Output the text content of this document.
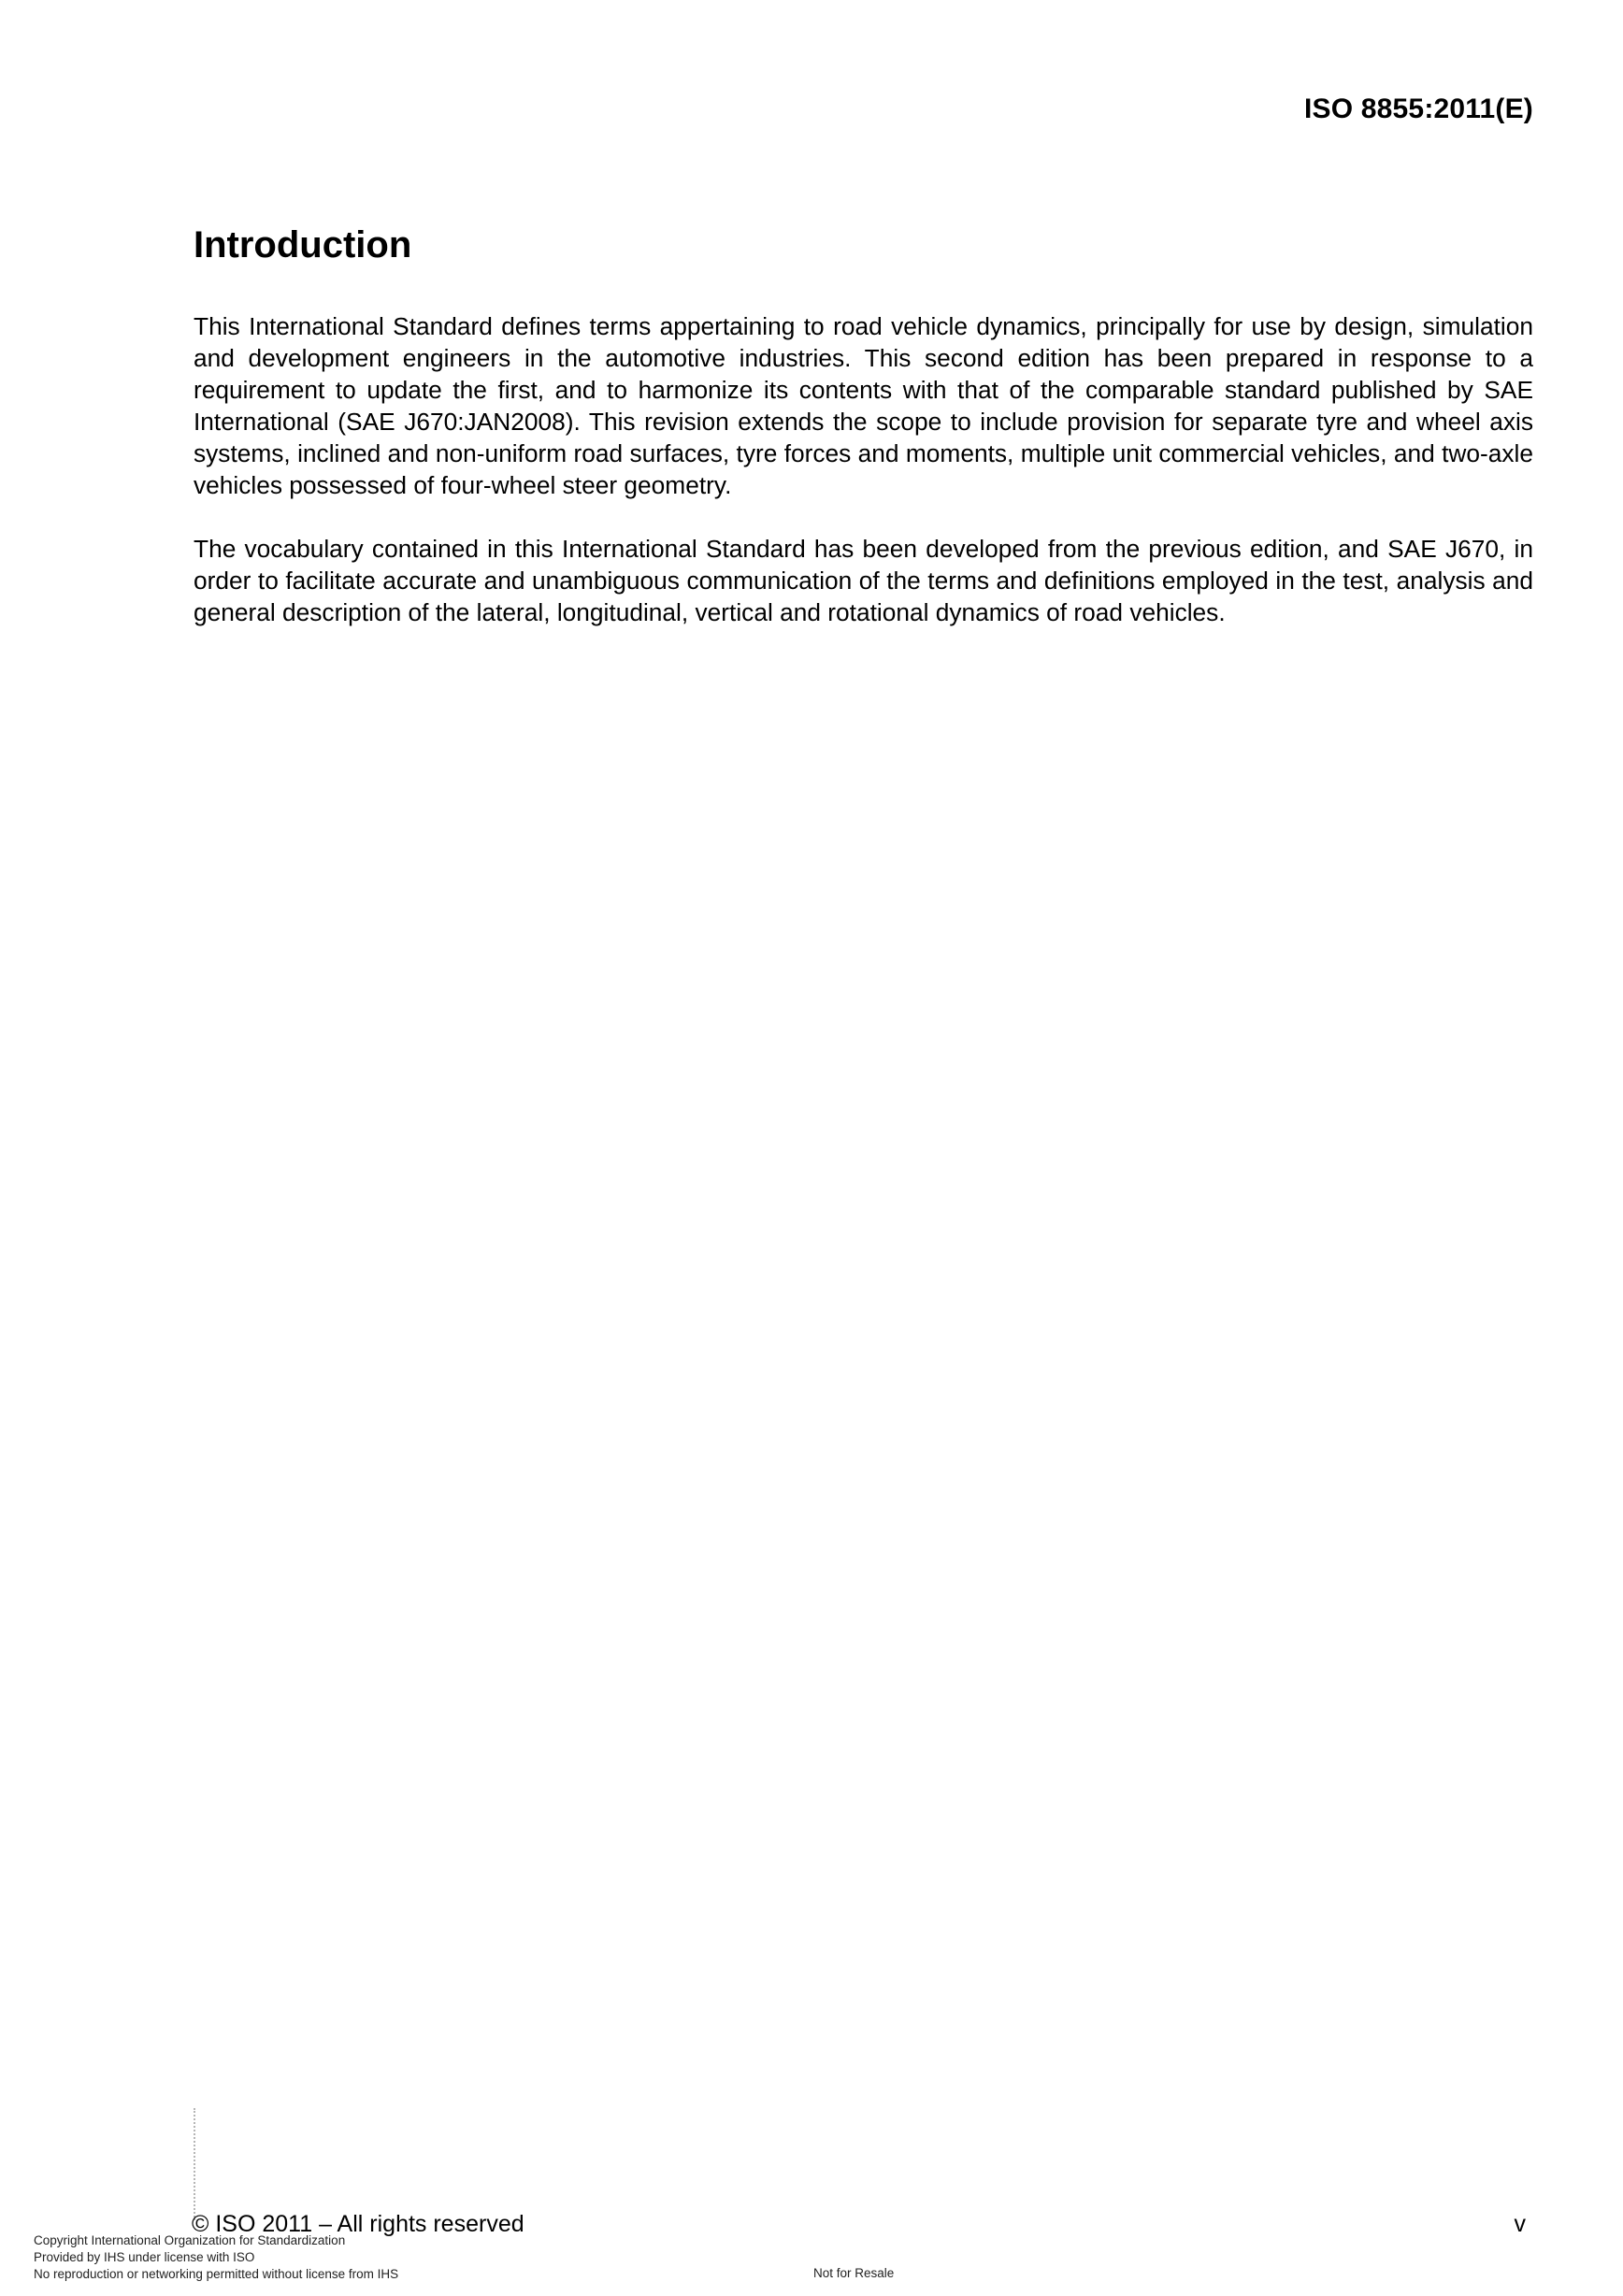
ISO 8855:2011(E)
Introduction

This International Standard defines terms appertaining to road vehicle dynamics, principally for use by design, simulation and development engineers in the automotive industries. This second edition has been prepared in response to a requirement to update the first, and to harmonize its contents with that of the comparable standard published by SAE International (SAE J670:JAN2008). This revision extends the scope to include provision for separate tyre and wheel axis systems, inclined and non-uniform road surfaces, tyre forces and moments, multiple unit commercial vehicles, and two-axle vehicles possessed of four-wheel steer geometry.

The vocabulary contained in this International Standard has been developed from the previous edition, and SAE J670, in order to facilitate accurate and unambiguous communication of the terms and definitions employed in the test, analysis and general description of the lateral, longitudinal, vertical and rotational dynamics of road vehicles.

© ISO 2011 – All rights reserved	v
Copyright International Organization for Standardization
Provided by IHS under license with ISO
No reproduction or networking permitted without license from IHS	Not for Resale
